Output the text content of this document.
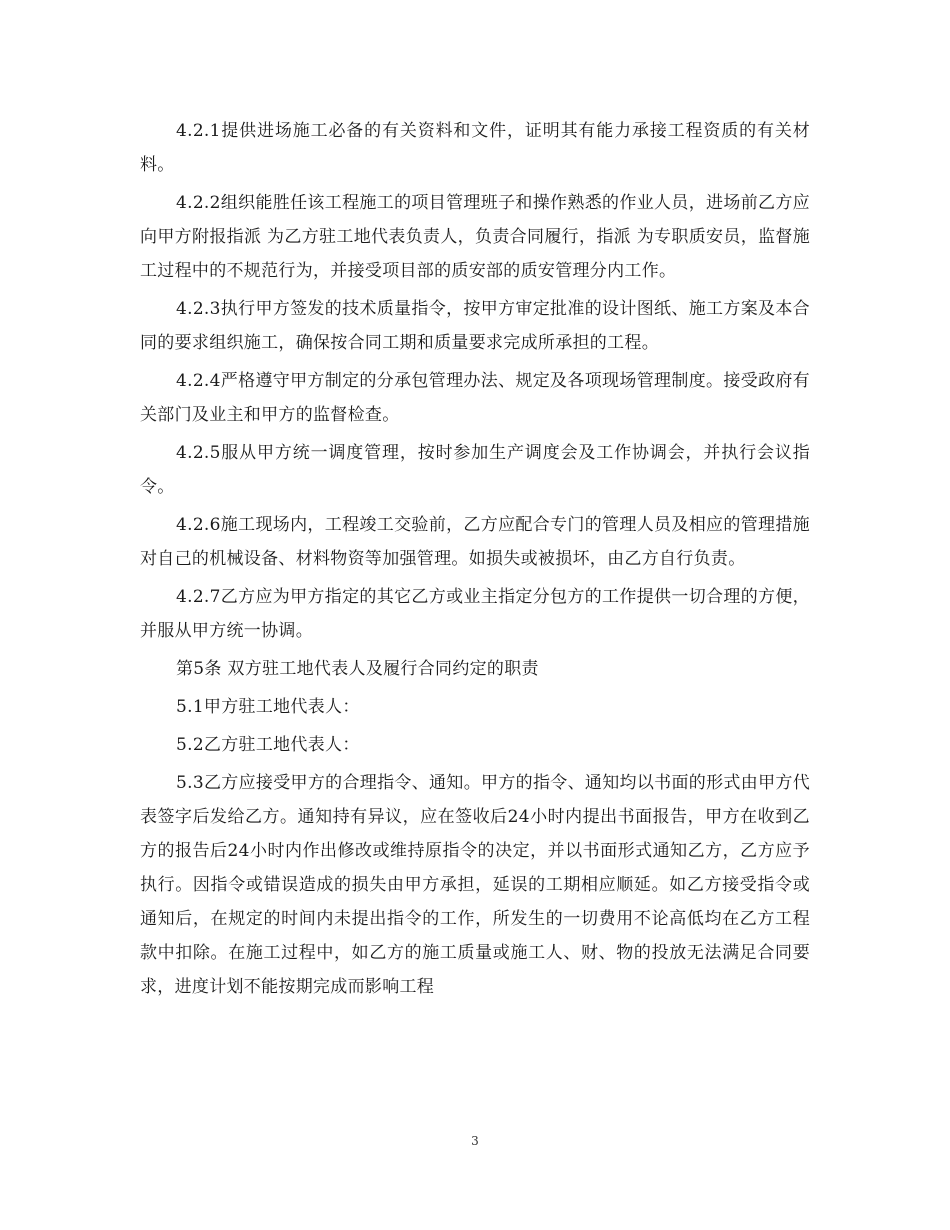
4.2.1提供进场施工必备的有关资料和文件，证明其有能力承接工程资质的有关材料。

4.2.2组织能胜任该工程施工的项目管理班子和操作熟悉的作业人员，进场前乙方应向甲方附报指派 为乙方驻工地代表负责人，负责合同履行，指派 为专职质安员，监督施工过程中的不规范行为，并接受项目部的质安部的质安管理分内工作。

4.2.3执行甲方签发的技术质量指令，按甲方审定批准的设计图纸、施工方案及本合同的要求组织施工，确保按合同工期和质量要求完成所承担的工程。

4.2.4严格遵守甲方制定的分承包管理办法、规定及各项现场管理制度。接受政府有关部门及业主和甲方的监督检查。

4.2.5服从甲方统一调度管理，按时参加生产调度会及工作协调会，并执行会议指令。

4.2.6施工现场内，工程竣工交验前，乙方应配合专门的管理人员及相应的管理措施对自己的机械设备、材料物资等加强管理。如损失或被损坏，由乙方自行负责。

4.2.7乙方应为甲方指定的其它乙方或业主指定分包方的工作提供一切合理的方便，并服从甲方统一协调。

第5条 双方驻工地代表人及履行合同约定的职责

5.1甲方驻工地代表人：

5.2乙方驻工地代表人：

5.3乙方应接受甲方的合理指令、通知。甲方的指令、通知均以书面的形式由甲方代表签字后发给乙方。通知持有异议，应在签收后24小时内提出书面报告，甲方在收到乙方的报告后24小时内作出修改或维持原指令的决定，并以书面形式通知乙方，乙方应予执行。因指令或错误造成的损失由甲方承担，延误的工期相应顺延。如乙方接受指令或通知后，在规定的时间内未提出指令的工作，所发生的一切费用不论高低均在乙方工程款中扣除。在施工过程中，如乙方的施工质量或施工人、财、物的投放无法满足合同要求，进度计划不能按期完成而影响工程

3
